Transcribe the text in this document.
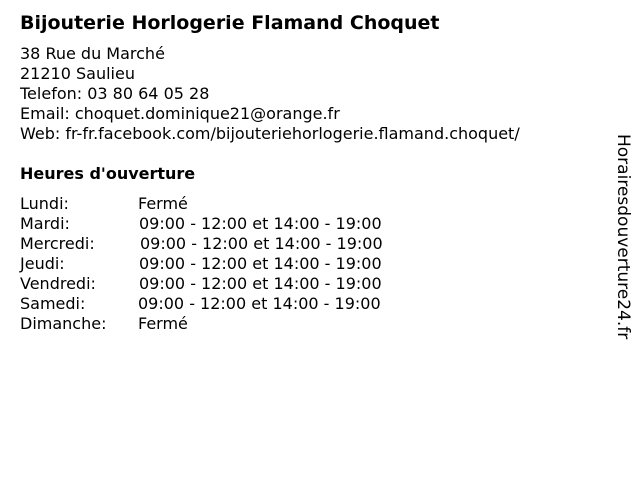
Bijouterie Horlogerie Flamand Choquet
38 Rue du Marché
21210 Saulieu
Telefon: 03 80 64 05 28
Email: choquet.dominique21@orange.fr
Web: fr-fr.facebook.com/bijouteriehorlogerie.flamand.choquet/
Heures d'ouverture
Lundi:	Fermé
Mardi:	09:00 - 12:00 et 14:00 - 19:00
Mercredi:	09:00 - 12:00 et 14:00 - 19:00
Jeudi:	09:00 - 12:00 et 14:00 - 19:00
Vendredi:	09:00 - 12:00 et 14:00 - 19:00
Samedi:	09:00 - 12:00 et 14:00 - 19:00
Dimanche: Fermé	Horairesdouverture24.fr
